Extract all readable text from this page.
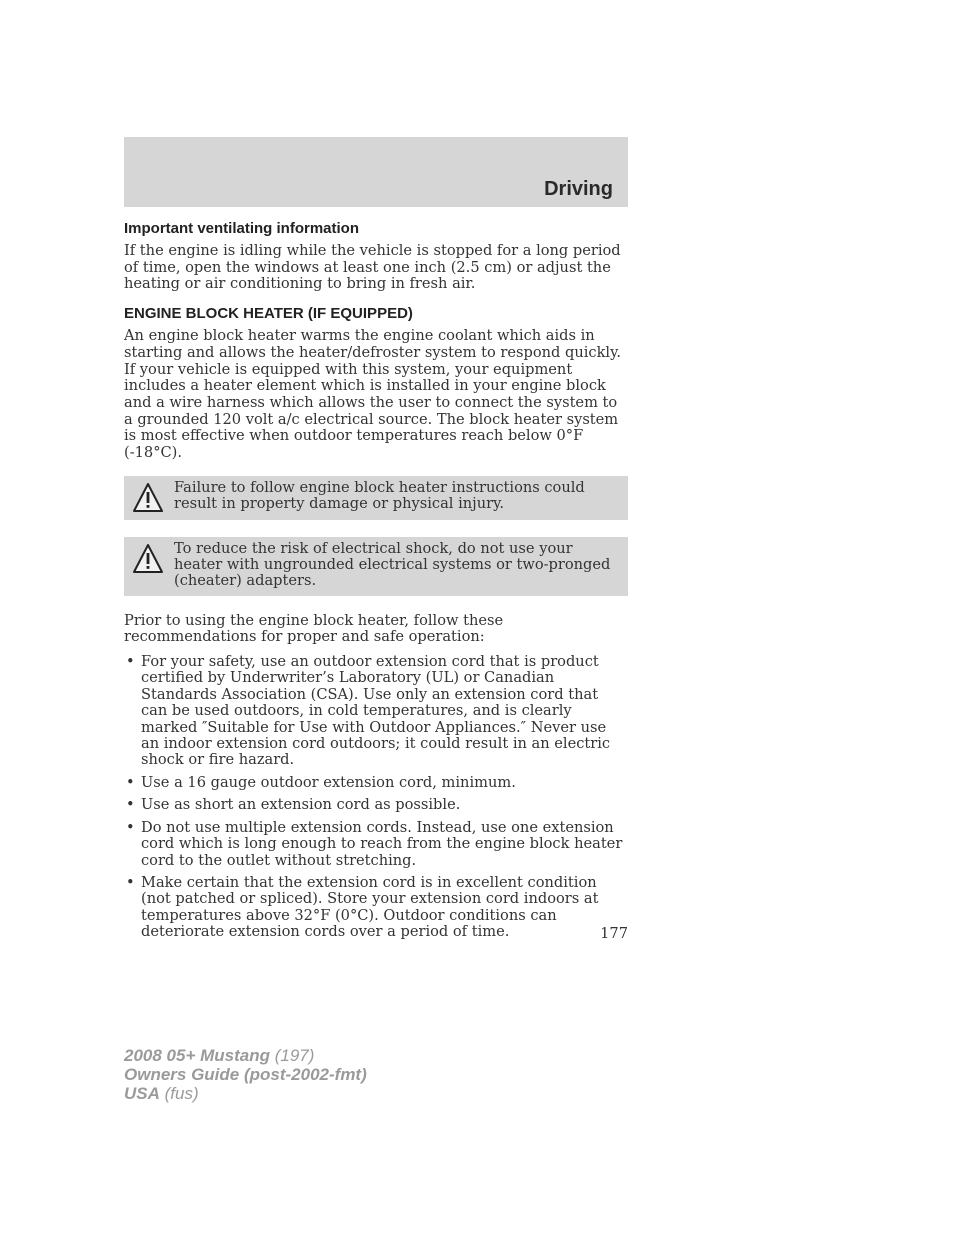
Driving
Important ventilating information

If the engine is idling while the vehicle is stopped for a long period of time, open the windows at least one inch (2.5 cm) or adjust the heating or air conditioning to bring in fresh air.

ENGINE BLOCK HEATER (IF EQUIPPED)

An engine block heater warms the engine coolant which aids in starting and allows the heater/defroster system to respond quickly. If your vehicle is equipped with this system, your equipment includes a heater element which is installed in your engine block and a wire harness which allows the user to connect the system to a grounded 120 volt a/c electrical source. The block heater system is most effective when outdoor temperatures reach below 0°F (-18°C).

Failure to follow engine block heater instructions could result in property damage or physical injury.
To reduce the risk of electrical shock, do not use your heater with ungrounded electrical systems or two-pronged (cheater) adapters.

Prior to using the engine block heater, follow these recommendations for proper and safe operation:

• For your safety, use an outdoor extension cord that is product certified by Underwriter’s Laboratory (UL) or Canadian Standards Association (CSA). Use only an extension cord that can be used outdoors, in cold temperatures, and is clearly marked ″Suitable for Use with Outdoor Appliances.″ Never use an indoor extension cord outdoors; it could result in an electric shock or fire hazard.
• Use a 16 gauge outdoor extension cord, minimum.
• Use as short an extension cord as possible.
• Do not use multiple extension cords. Instead, use one extension cord which is long enough to reach from the engine block heater cord to the outlet without stretching.
• Make certain that the extension cord is in excellent condition (not patched or spliced). Store your extension cord indoors at temperatures above 32°F (0°C). Outdoor conditions can deteriorate extension cords over a period of time.	177
2008 05+ Mustang (197)
Owners Guide (post-2002-fmt)
USA (fus)
